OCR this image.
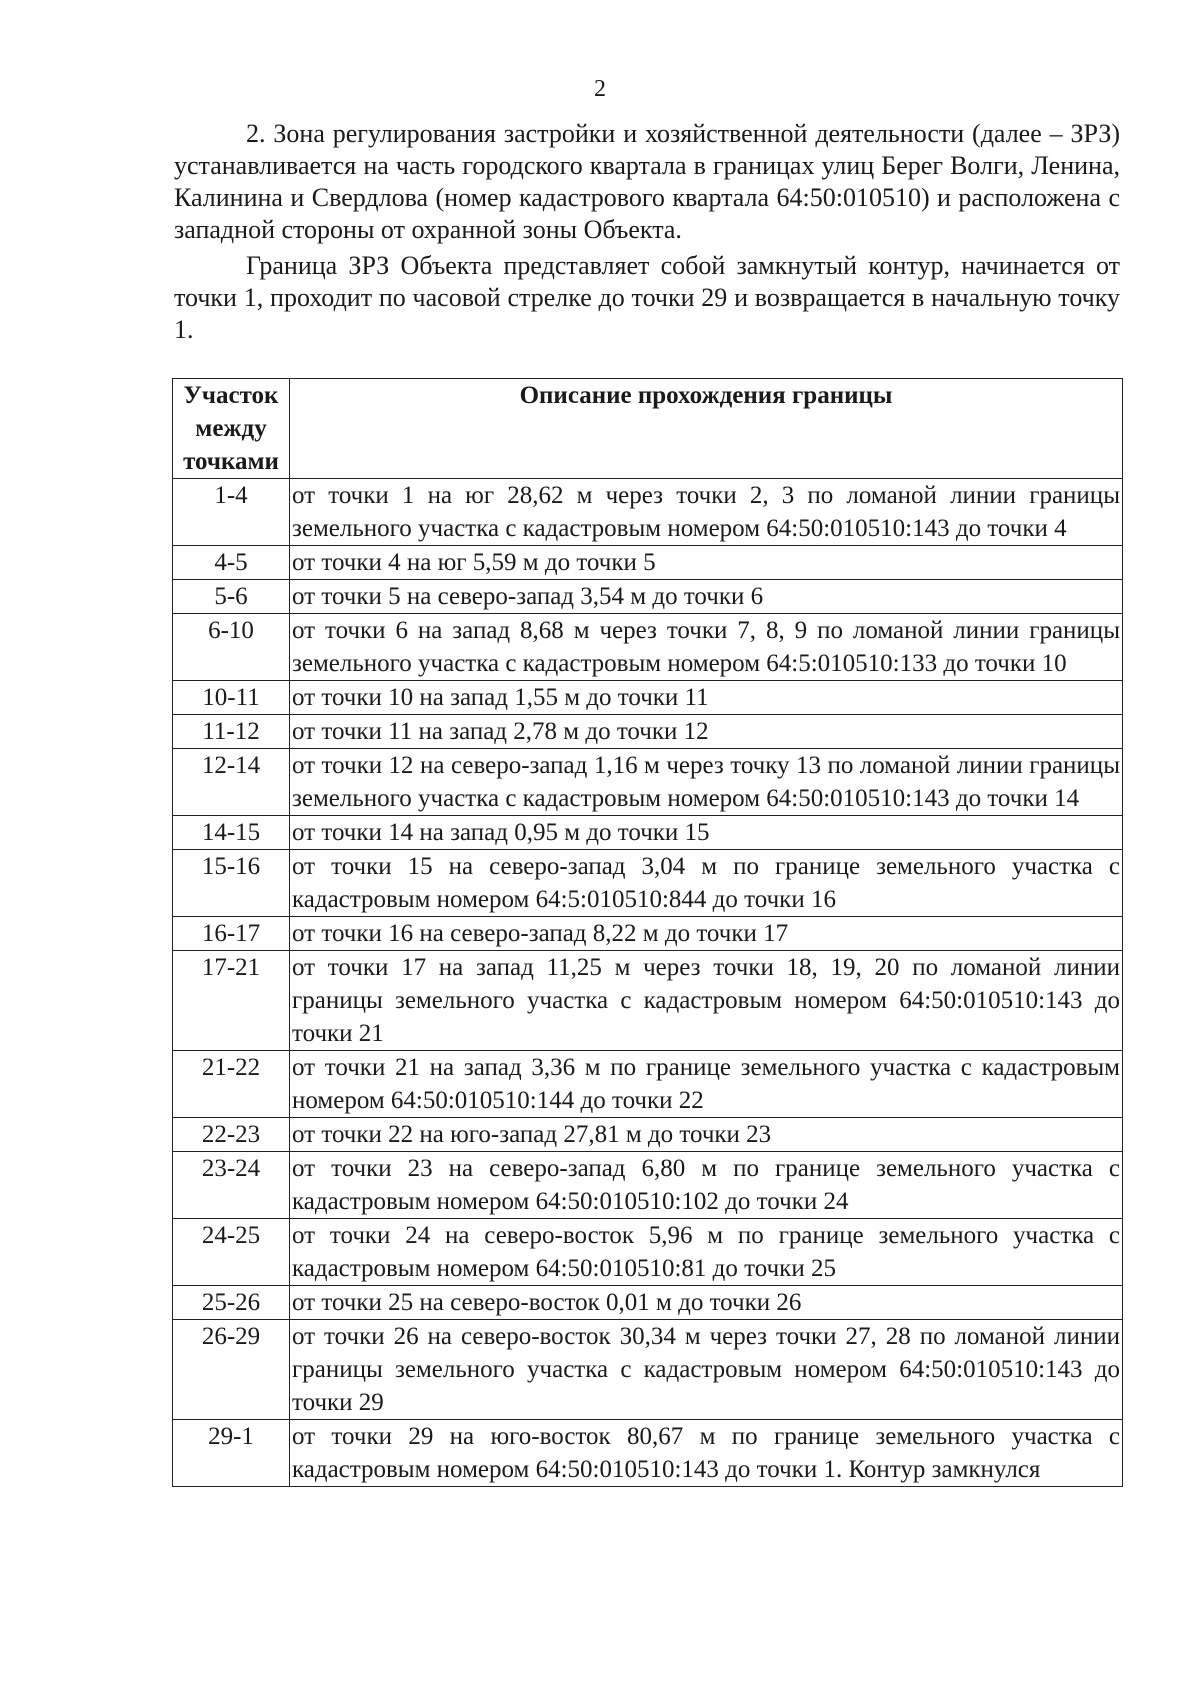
2

2. Зона регулирования застройки и хозяйственной деятельности (далее – ЗРЗ) устанавливается на часть городского квартала в границах улиц Берег Волги, Ленина, Калинина и Свердлова (номер кадастрового квартала 64:50:010510) и расположена с западной стороны от охранной зоны Объекта.

Граница ЗРЗ Объекта представляет собой замкнутый контур, начинается от точки 1, проходит по часовой стрелке до точки 29 и возвращается в начальную точку 1.

Участок между точками	Описание прохождения границы
1-4	от точки 1 на юг 28,62 м через точки 2, 3 по ломаной линии границы земельного участка с кадастровым номером 64:50:010510:143 до точки 4
4-5	от точки 4 на юг 5,59 м до точки 5
5-6	от точки 5 на северо-запад 3,54 м до точки 6
6-10	от точки 6 на запад 8,68 м через точки 7, 8, 9 по ломаной линии границы земельного участка с кадастровым номером 64:5:010510:133 до точки 10
10-11	от точки 10 на запад 1,55 м до точки 11
11-12	от точки 11 на запад 2,78 м до точки 12
12-14	от точки 12 на северо-запад 1,16 м через точку 13 по ломаной линии границы земельного участка с кадастровым номером 64:50:010510:143 до точки 14
14-15	от точки 14 на запад 0,95 м до точки 15
15-16	от точки 15 на северо-запад 3,04 м по границе земельного участка с кадастровым номером 64:5:010510:844 до точки 16
16-17	от точки 16 на северо-запад 8,22 м до точки 17
17-21	от точки 17 на запад 11,25 м через точки 18, 19, 20 по ломаной линии границы земельного участка с кадастровым номером 64:50:010510:143 до точки 21
21-22	от точки 21 на запад 3,36 м по границе земельного участка с кадастровым номером 64:50:010510:144 до точки 22
22-23	от точки 22 на юго-запад 27,81 м до точки 23
23-24	от точки 23 на северо-запад 6,80 м по границе земельного участка с кадастровым номером 64:50:010510:102 до точки 24
24-25	от точки 24 на северо-восток 5,96 м по границе земельного участка с кадастровым номером 64:50:010510:81 до точки 25
25-26	от точки 25 на северо-восток 0,01 м до точки 26
26-29	от точки 26 на северо-восток 30,34 м через точки 27, 28 по ломаной линии границы земельного участка с кадастровым номером 64:50:010510:143 до точки 29
29-1	от точки 29 на юго-восток 80,67 м по границе земельного участка с кадастровым номером 64:50:010510:143 до точки 1. Контур замкнулся
